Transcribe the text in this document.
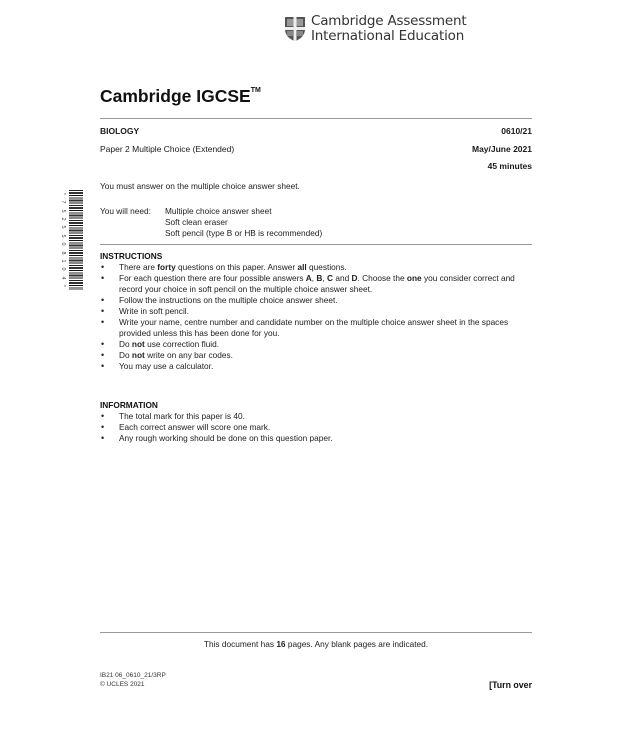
Cambridge Assessment
International Education
Cambridge IGCSE™
BIOLOGY
Paper 2 Multiple Choice (Extended)
0610/21
May/June 2021
45 minutes
You must answer on the multiple choice answer sheet.
You will need: Multiple choice answer sheet
Soft clean eraser
Soft pencil (type B or HB is recommended)
*
7
5
2
5
5
0
8
1
0
4
*
INSTRUCTIONS
• There are forty questions on this paper. Answer all questions.
• For each question there are four possible answers A, B, C and D. Choose the one you consider correct and record your choice in soft pencil on the multiple choice answer sheet.
• Follow the instructions on the multiple choice answer sheet.
• Write in soft pencil.
• Write your name, centre number and candidate number on the multiple choice answer sheet in the spaces provided unless this has been done for you.
• Do not use correction fluid.
• Do not write on any bar codes.
• You may use a calculator.
INFORMATION
• The total mark for this paper is 40.
• Each correct answer will score one mark.
• Any rough working should be done on this question paper.
This document has 16 pages. Any blank pages are indicated.
IB21 06_0610_21/3RP
© UCLES 2021	[Turn over
